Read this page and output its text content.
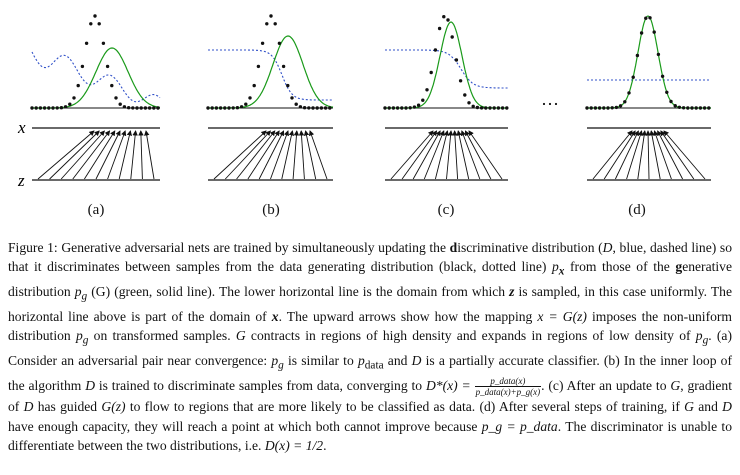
x
z
···
(a)	(b)	(c)	(d)

Figure 1: Generative adversarial nets are trained by simultaneously updating the discriminative distribution (D, blue, dashed line) so that it discriminates between samples from the data generating distribution (black, dotted line) $p_x$ from those of the generative distribution $p_g$ (G) (green, solid line). The lower horizontal line is the domain from which z is sampled, in this case uniformly. The horizontal line above is part of the domain of x. The upward arrows show how the mapping x = G(z) imposes the non-uniform distribution $p_g$ on transformed samples. G contracts in regions of high density and expands in regions of low density of $p_g$. (a) Consider an adversarial pair near convergence: $p_g$ is similar to $p_{data}$ and D is a partially accurate classifier. (b) In the inner loop of the algorithm D is trained to discriminate samples from data, converging to $D*(x) = \frac{\text{p\_data(x)}}{\text{p\_data(x)+p\_g(x)}}$ . (c) After an update to G, gradient of D has guided G(z) to flow to regions that are more likely to be classified as data. (d) After several steps of training, if G and D have enough capacity, they will reach a point at which both cannot improve because p_g = p_data. The discriminator is unable to differentiate between the two distributions, i.e. D(x) = 1/2.
